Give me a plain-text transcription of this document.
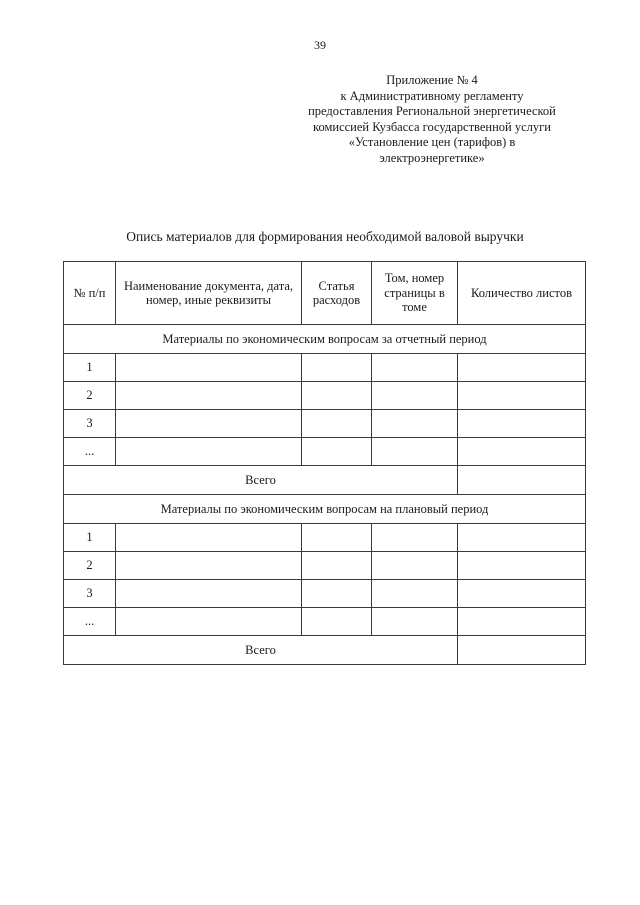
39
Приложение № 4
к Административному регламенту
предоставления Региональной энергетической
комиссией Кузбасса государственной услуги
«Установление цен (тарифов) в
электроэнергетике»
Опись материалов для формирования необходимой валовой выручки
№ п/п	Наименование документа, дата, номер, иные реквизиты	Статья расходов	Том, номер страницы в томе	Количество листов
Материалы по экономическим вопросам за отчетный период				
1				
2				
3				
...				
Всего				
Материалы по экономическим вопросам на плановый период				
1				
2				
3				
...				
Всего				
